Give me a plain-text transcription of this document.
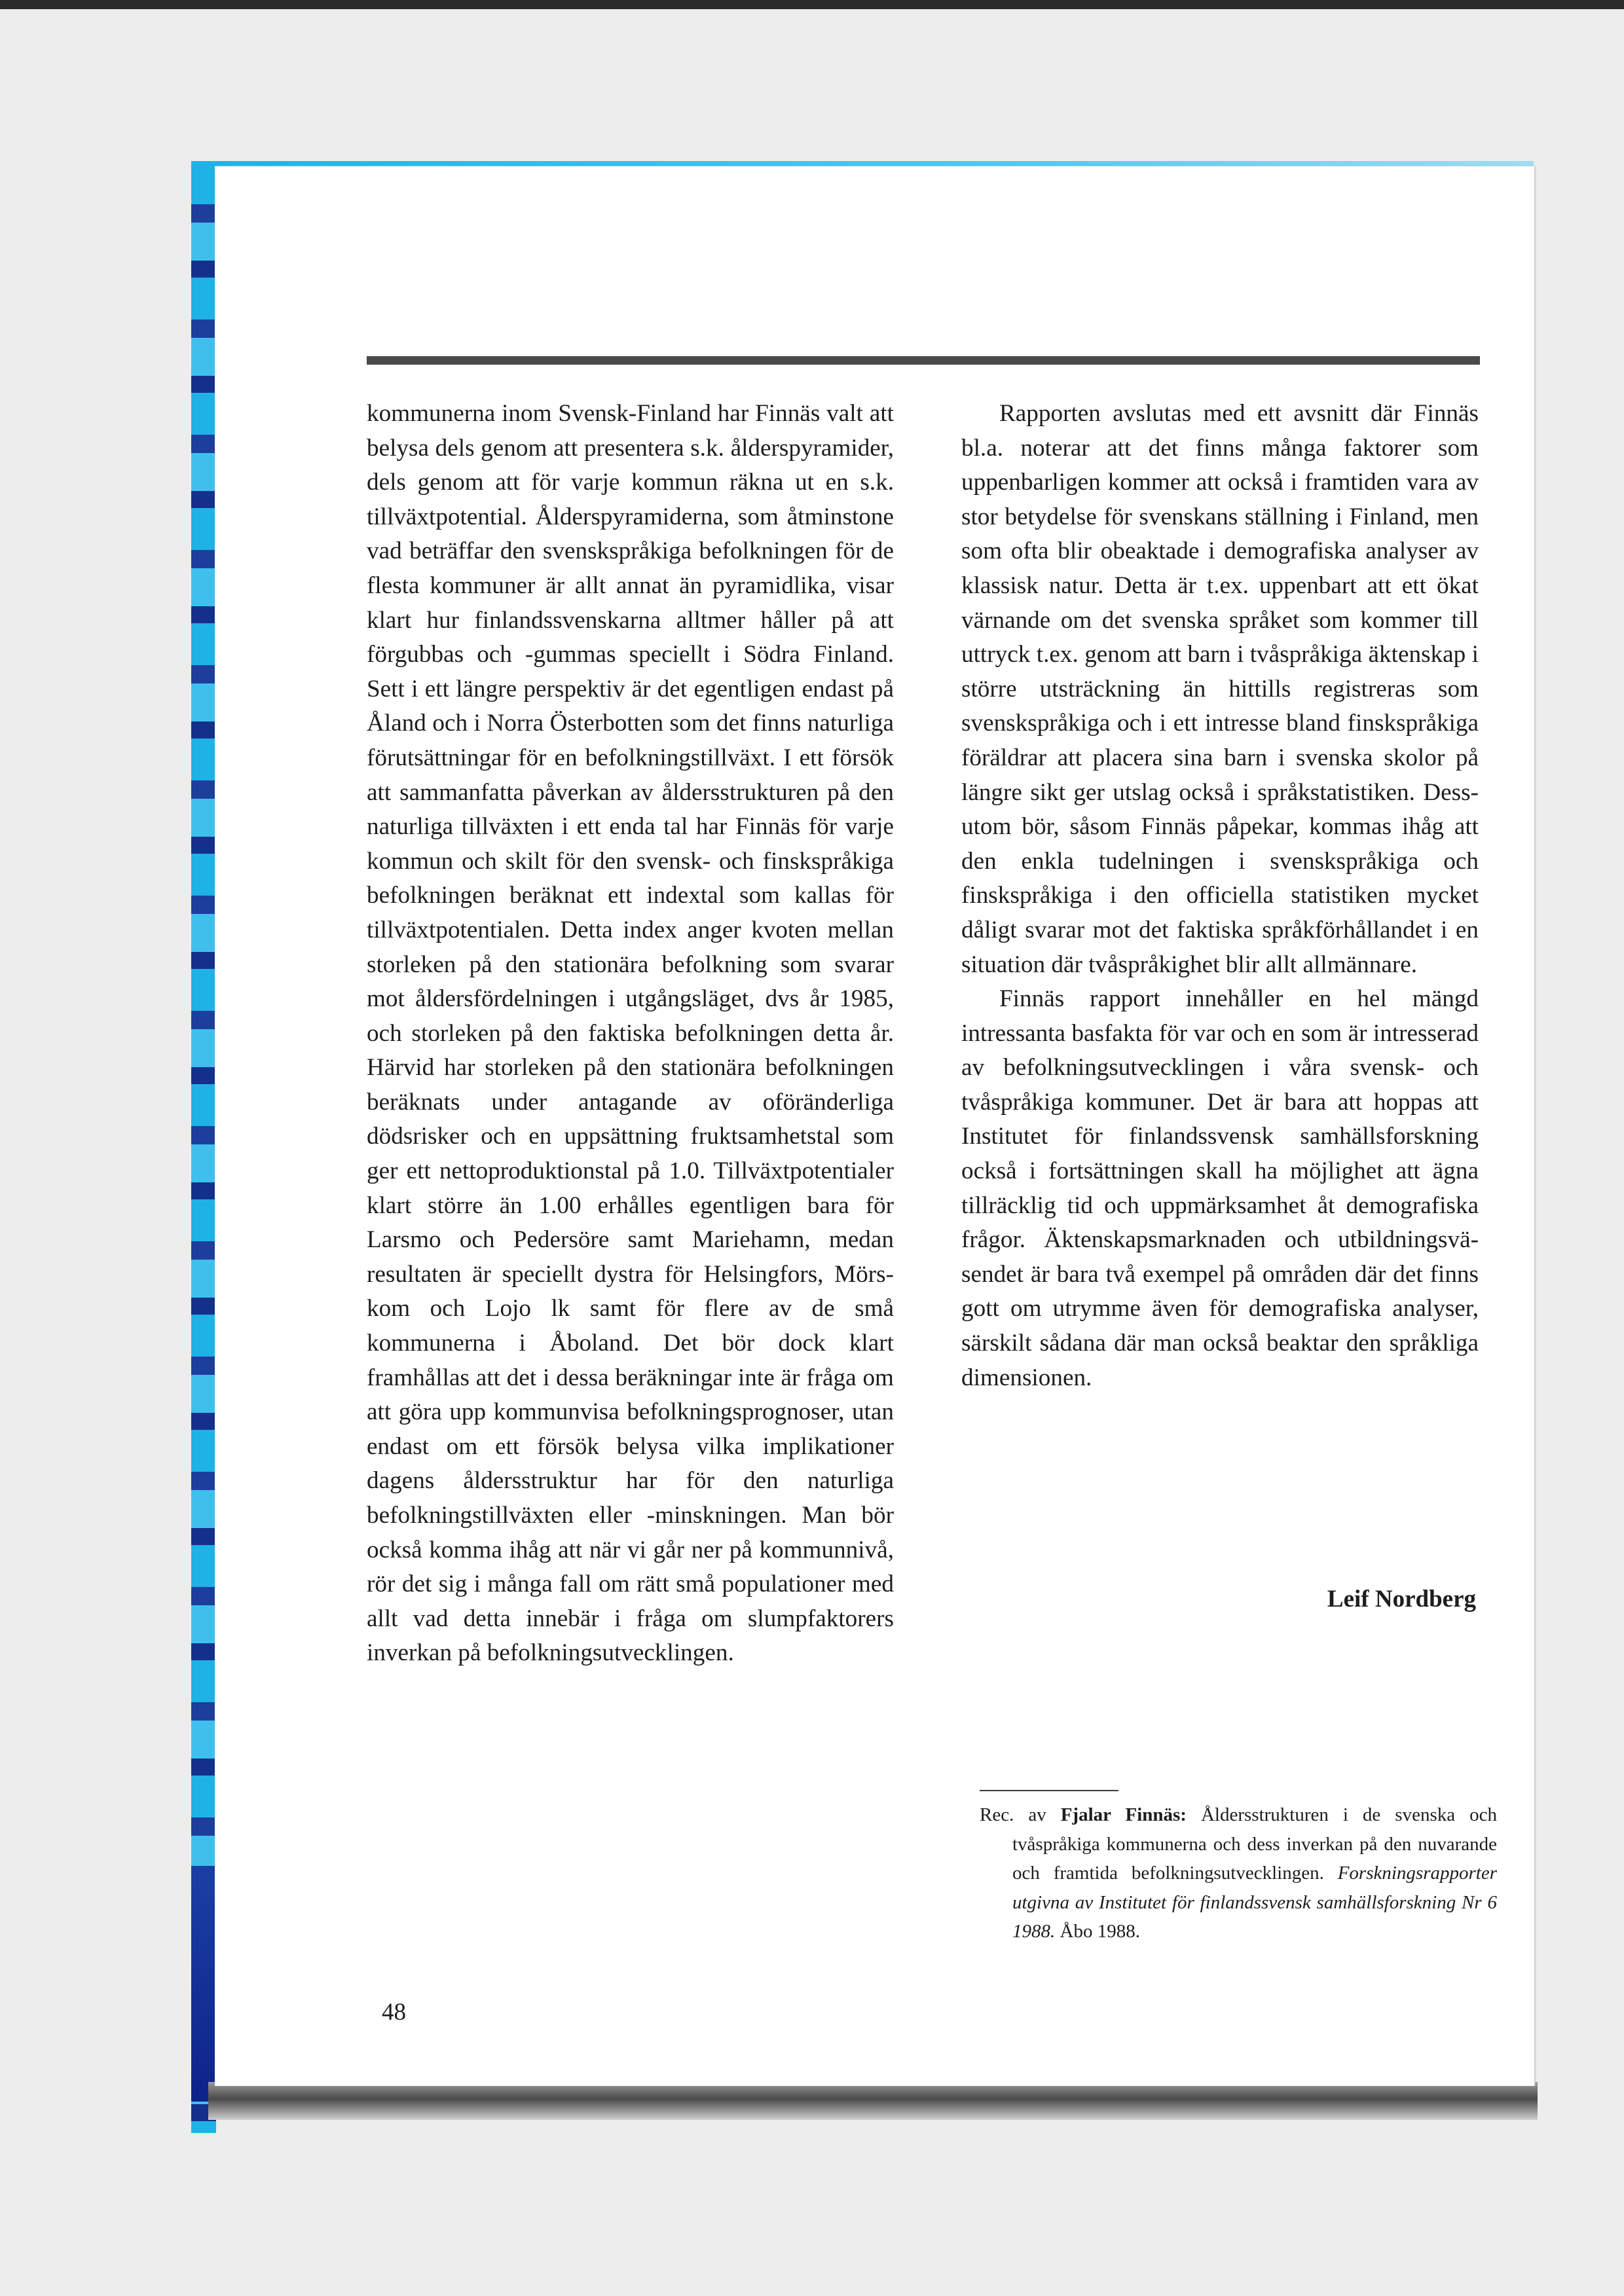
kommunerna inom Svensk-Finland har Finnäs valt att belysa dels genom att presentera s.k. ålderspyramider, dels genom att för varje kommun räkna ut en s.k. tillväxtpotential. Ålderspyramiderna, som åtminstone vad beträffar den svenskspråkiga befolkningen för de flesta kommuner är allt annat än pyramidlika, visar klart hur finlandssvenskarna alltmer håller på att förgubbas och -gummas speciellt i Södra Finland. Sett i ett längre perspektiv är det egentligen endast på Åland och i Norra Österbotten som det finns naturliga förutsättningar för en befolkningstillväxt. I ett försök att sammanfatta påverkan av åldersstrukturen på den naturliga tillväxten i ett enda tal har Finnäs för varje kommun och skilt för den svensk- och finskspråkiga befolkningen beräknat ett indextal som kallas för tillväxtpotentialen. Detta index anger kvoten mellan storleken på den stationära befolkning som svarar mot åldersfördelningen i utgångsläget, dvs år 1985, och storleken på den faktiska befolkningen detta år. Härvid har storleken på den stationära befolkningen beräknats under antagande av oföränderliga dödsrisker och en uppsättning fruktsamhetstal som ger ett nettoproduktionstal på 1.0. Tillväxtpotentialer klart större än 1.00 erhålles egentligen bara för Larsmo och Pedersöre samt Mariehamn, medan resultaten är speciellt dystra för Helsingfors, Mörskom och Lojo lk samt för flere av de små kommunerna i Åboland. Det bör dock klart framhållas att det i dessa beräkningar inte är fråga om att göra upp kommunvisa befolkningsprognoser, utan endast om ett försök belysa vilka implikationer dagens åldersstruktur har för den naturliga befolkningstillväxten eller -minskningen. Man bör också komma ihåg att när vi går ner på kommunnivå, rör det sig i många fall om rätt små populationer med allt vad detta innebär i fråga om slumpfaktorers inverkan på befolkningsutvecklingen.

Rapporten avslutas med ett avsnitt där Finnäs bl.a. noterar att det finns många faktorer som uppenbarligen kommer att också i framtiden vara av stor betydelse för svenskans ställning i Finland, men som ofta blir obeaktade i demografiska analyser av klassisk natur. Detta är t.ex. uppenbart att ett ökat värnande om det svenska språket som kommer till uttryck t.ex. genom att barn i tvåspråkiga äktenskap i större utsträckning än hittills registreras som svenskspråkiga och i ett intresse bland finskspråkiga föräldrar att placera sina barn i svenska skolor på längre sikt ger utslag också i språkstatistiken. Dessutom bör, såsom Finnäs påpekar, kommas ihåg att den enkla tudelningen i svenskspråkiga och finskspråkiga i den officiella statistiken mycket dåligt svarar mot det faktiska språkförhållandet i en situation där tvåspråkighet blir allt allmännare.

Finnäs rapport innehåller en hel mängd intressanta basfakta för var och en som är intresserad av befolkningsutvecklingen i våra svensk- och tvåspråkiga kommuner. Det är bara att hoppas att Institutet för finlandssvensk samhällsforskning också i fortsättningen skall ha möjlighet att ägna tillräcklig tid och uppmärksamhet åt demografiska frågor. Äktenskapsmarknaden och utbildningsväsendet är bara två exempel på områden där det finns gott om utrymme även för demografiska analyser, särskilt sådana där man också beaktar den språkliga dimensionen.

Leif Nordberg
Rec. av Fjalar Finnäs: Åldersstrukturen i de svenska och tvåspråkiga kommunerna och dess inverkan på den nuvarande och framtida befolkningsutvecklingen. Forskningsrapporter utgivna av Institutet för finlandssvensk samhällsforskning Nr 6 1988. Åbo 1988.
48
